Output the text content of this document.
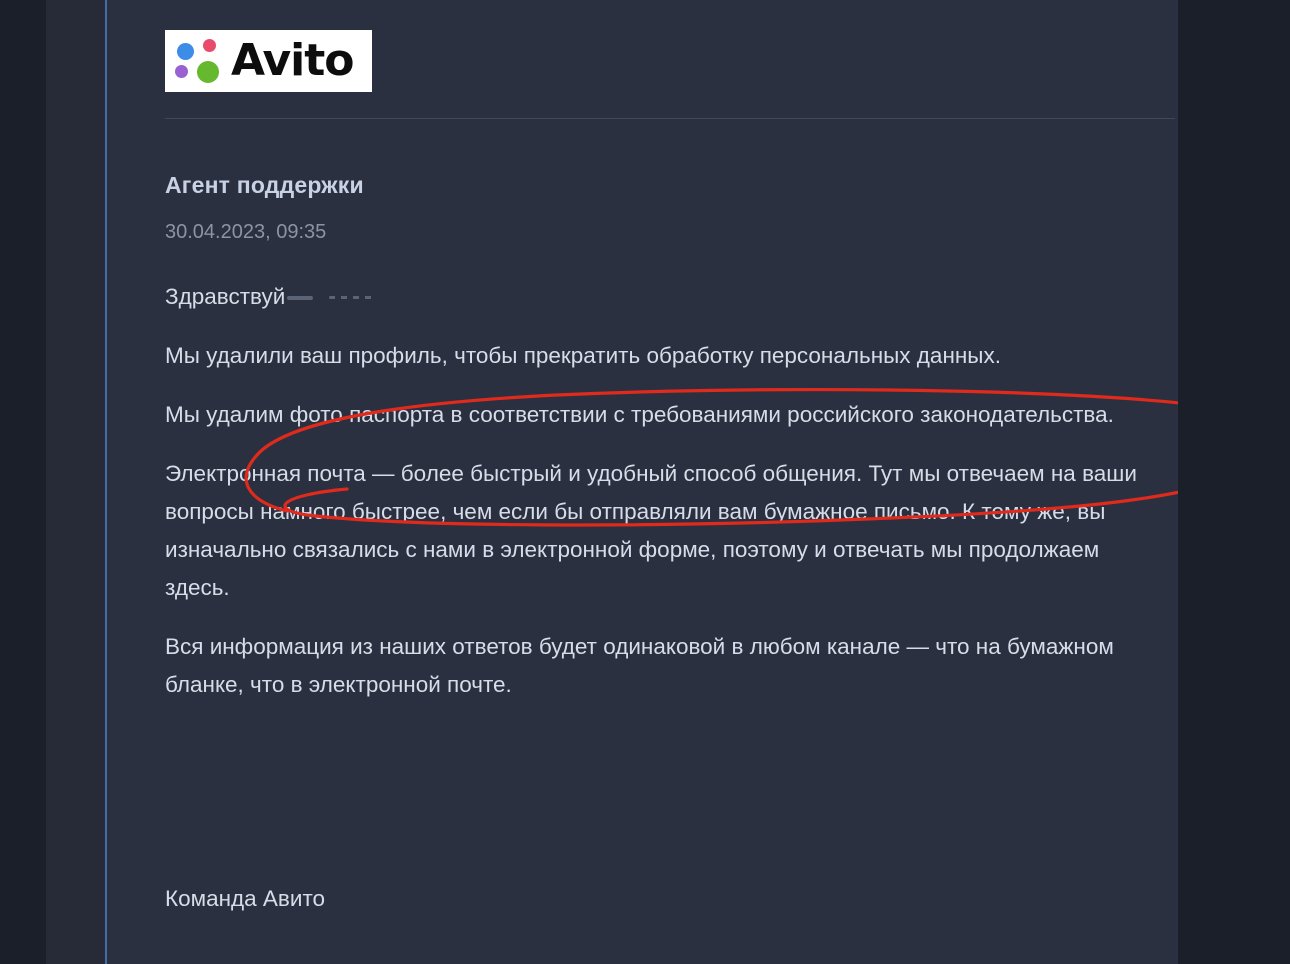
Avito
Агент поддержки
30.04.2023, 09:35

Здравствуй

Мы удалили ваш профиль, чтобы прекратить обработку персональных данных.

Мы удалим фото паспорта в соответствии с требованиями российского законодательства.

Электронная почта — более быстрый и удобный способ общения. Тут мы отвечаем на ваши вопросы намного быстрее, чем если бы отправляли вам бумажное письмо. К тому же, вы изначально связались с нами в электронной форме, поэтому и отвечать мы продолжаем здесь.

Вся информация из наших ответов будет одинаковой в любом канале — что на бумажном бланке, что в электронной почте.

Команда Авито
